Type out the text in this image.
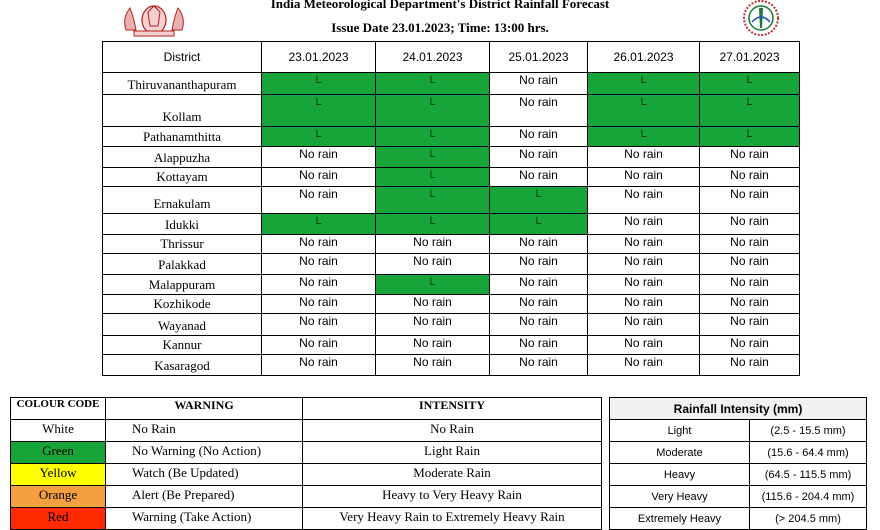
India Meteorological Department's District Rainfall Forecast
Issue Date 23.01.2023; Time: 13:00 hrs.
District	23.01.2023	24.01.2023	25.01.2023	26.01.2023	27.01.2023
Thiruvananthapuram	L	L	No rain	L	L
Kollam	L	L	No rain	L	L
Pathanamthitta	L	L	No rain	L	L
Alappuzha	No rain	L	No rain	No rain	No rain
Kottayam	No rain	L	No rain	No rain	No rain
Ernakulam	No rain	L	L	No rain	No rain
Idukki	L	L	L	No rain	No rain
Thrissur	No rain	No rain	No rain	No rain	No rain
Palakkad	No rain	No rain	No rain	No rain	No rain
Malappuram	No rain	L	No rain	No rain	No rain
Kozhikode	No rain	No rain	No rain	No rain	No rain
Wayanad	No rain	No rain	No rain	No rain	No rain
Kannur	No rain	No rain	No rain	No rain	No rain
Kasaragod	No rain	No rain	No rain	No rain	No rain
COLOUR CODE	WARNING	INTENSITY
White	No Rain	No Rain
Green	No Warning (No Action)	Light Rain
Yellow	Watch (Be Updated)	Moderate Rain
Orange	Alert (Be Prepared)	Heavy to Very Heavy Rain
Red	Warning (Take Action)	Very Heavy Rain to Extremely Heavy Rain
Rainfall Intensity (mm)	
Light	(2.5 - 15.5 mm)
Moderate	(15.6 - 64.4 mm)
Heavy	(64.5 - 115.5 mm)
Very Heavy	(115.6 - 204.4 mm)
Extremely Heavy	(> 204.5 mm)
